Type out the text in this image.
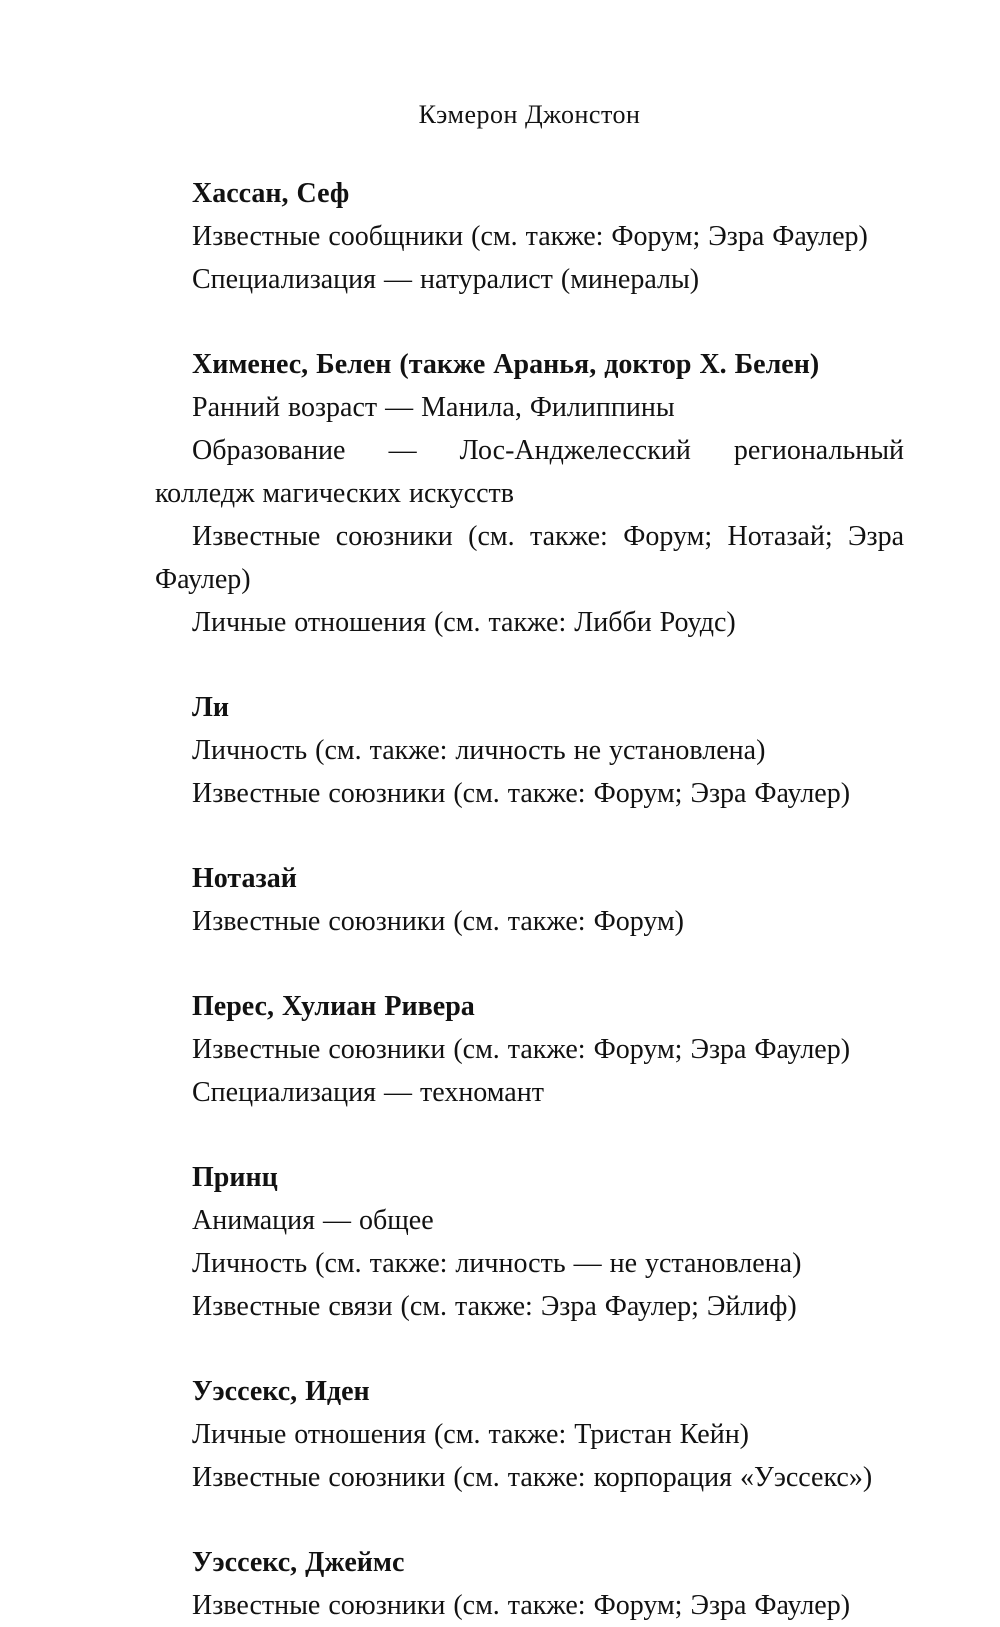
Кэмерон Джонстон

Хассан, Сеф

Известные сообщники (см. также: Форум; Эзра Фаулер)

Специализация — натуралист (минералы)

Хименес, Белен (также Аранья, доктор Х. Белен)

Ранний возраст — Манила, Филиппины

Образование — Лос-Анджелесский региональный колледж магических искусств

Известные союзники (см. также: Форум; Нотазай; Эзра Фаулер)

Личные отношения (см. также: Либби Роудс)

Ли

Личность (см. также: личность не установлена)

Известные союзники (см. также: Форум; Эзра Фаулер)

Нотазай

Известные союзники (см. также: Форум)

Перес, Хулиан Ривера

Известные союзники (см. также: Форум; Эзра Фаулер)

Специализация — техномант

Принц

Анимация — общее

Личность (см. также: личность — не установлена)

Известные связи (см. также: Эзра Фаулер; Эйлиф)

Уэссекс, Иден

Личные отношения (см. также: Тристан Кейн)

Известные союзники (см. также: корпорация «Уэссекс»)

Уэссекс, Джеймс

Известные союзники (см. также: Форум; Эзра Фаулер)
